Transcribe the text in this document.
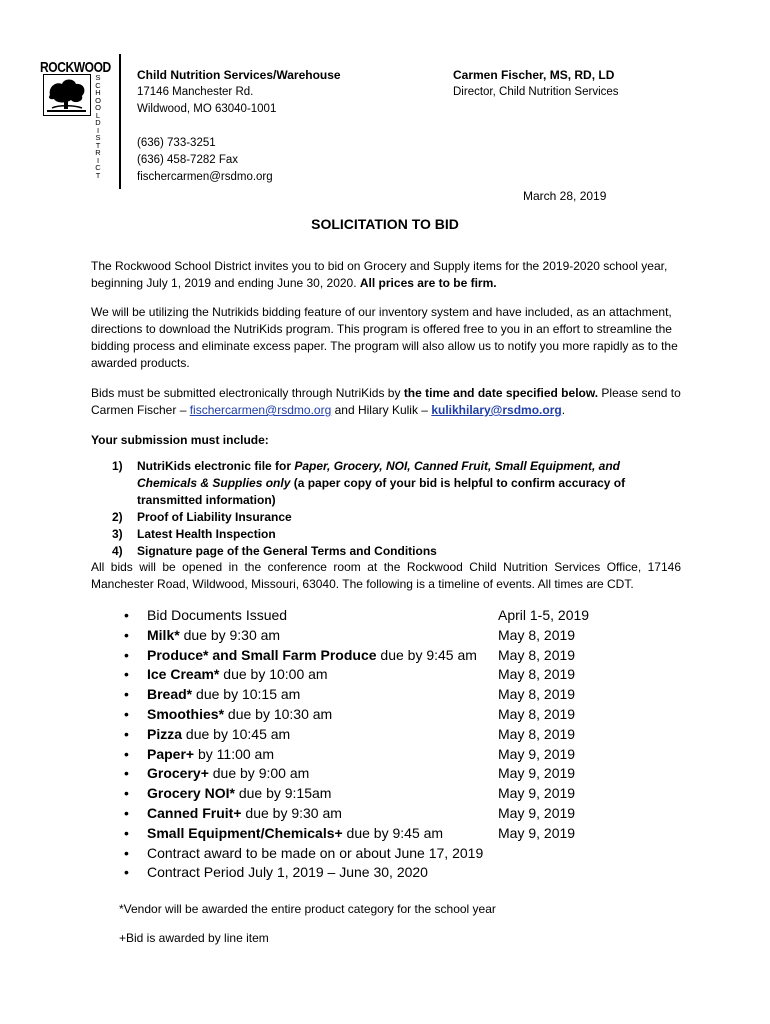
ROCKWOOD
S
C
H
O
O
L
D
I
S
T
R
I
C
T
Child Nutrition Services/Warehouse
17146 Manchester Rd.
Wildwood, MO 63040-1001
(636) 733-3251
(636) 458-7282 Fax
fischercarmen@rsdmo.org
Carmen Fischer, MS, RD, LD
Director, Child Nutrition Services
March 28, 2019
SOLICITATION TO BID
The Rockwood School District invites you to bid on Grocery and Supply items for the 2019-2020 school year, beginning July 1, 2019 and ending June 30, 2020. All prices are to be firm.
We will be utilizing the Nutrikids bidding feature of our inventory system and have included, as an attachment, directions to download the NutriKids program. This program is offered free to you in an effort to streamline the bidding process and eliminate excess paper. The program will also allow us to notify you more rapidly as to the awarded products.
Bids must be submitted electronically through NutriKids by the time and date specified below. Please send to Carmen Fischer – fischercarmen@rsdmo.org and Hilary Kulik – kulikhilary@rsdmo.org.
Your submission must include:
1) NutriKids electronic file for Paper, Grocery, NOI, Canned Fruit, Small Equipment, and Chemicals & Supplies only (a paper copy of your bid is helpful to confirm accuracy of transmitted information)
2) Proof of Liability Insurance
3) Latest Health Inspection
4) Signature page of the General Terms and Conditions
All bids will be opened in the conference room at the Rockwood Child Nutrition Services Office, 17146 Manchester Road, Wildwood, Missouri, 63040. The following is a timeline of events. All times are CDT.
• Bid Documents Issued	April 1-5, 2019
• Milk* due by 9:30 am	May 8, 2019
• Produce* and Small Farm Produce due by 9:45 am May 8, 2019
• Ice Cream* due by 10:00 am	May 8, 2019
• Bread* due by 10:15 am	May 8, 2019
• Smoothies* due by 10:30 am	May 8, 2019
• Pizza due by 10:45 am	May 8, 2019
• Paper+ by 11:00 am	May 9, 2019
• Grocery+ due by 9:00 am	May 9, 2019
• Grocery NOI* due by 9:15am	May 9, 2019
• Canned Fruit+ due by 9:30 am	May 9, 2019
• Small Equipment/Chemicals+ due by 9:45 am	May 9, 2019
• Contract award to be made on or about June 17, 2019
• Contract Period July 1, 2019 – June 30, 2020
*Vendor will be awarded the entire product category for the school year
+Bid is awarded by line item
